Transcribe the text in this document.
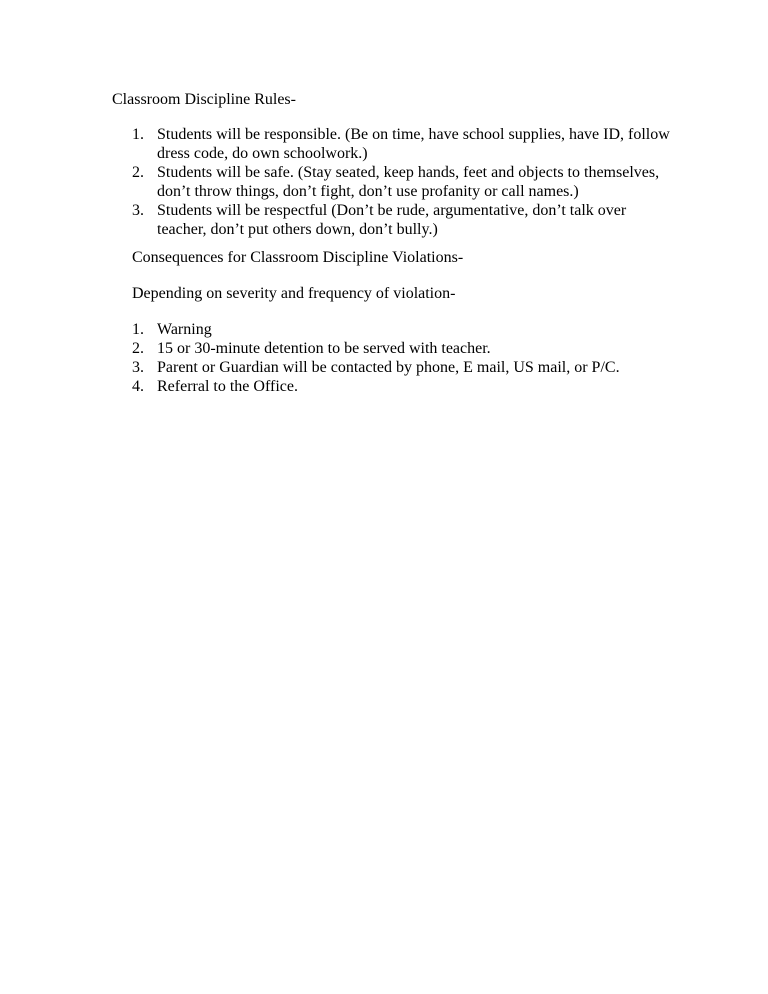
Classroom Discipline Rules-
1. Students will be responsible. (Be on time, have school supplies, have ID, follow dress code, do own schoolwork.)
2. Students will be safe. (Stay seated, keep hands, feet and objects to themselves, don’t throw things, don’t fight, don’t use profanity or call names.)
3. Students will be respectful (Don’t be rude, argumentative, don’t talk over teacher, don’t put others down, don’t bully.)
Consequences for Classroom Discipline Violations-
Depending on severity and frequency of violation-
1. Warning
2. 15 or 30-minute detention to be served with teacher.
3. Parent or Guardian will be contacted by phone, E mail, US mail, or P/C.
4. Referral to the Office.
